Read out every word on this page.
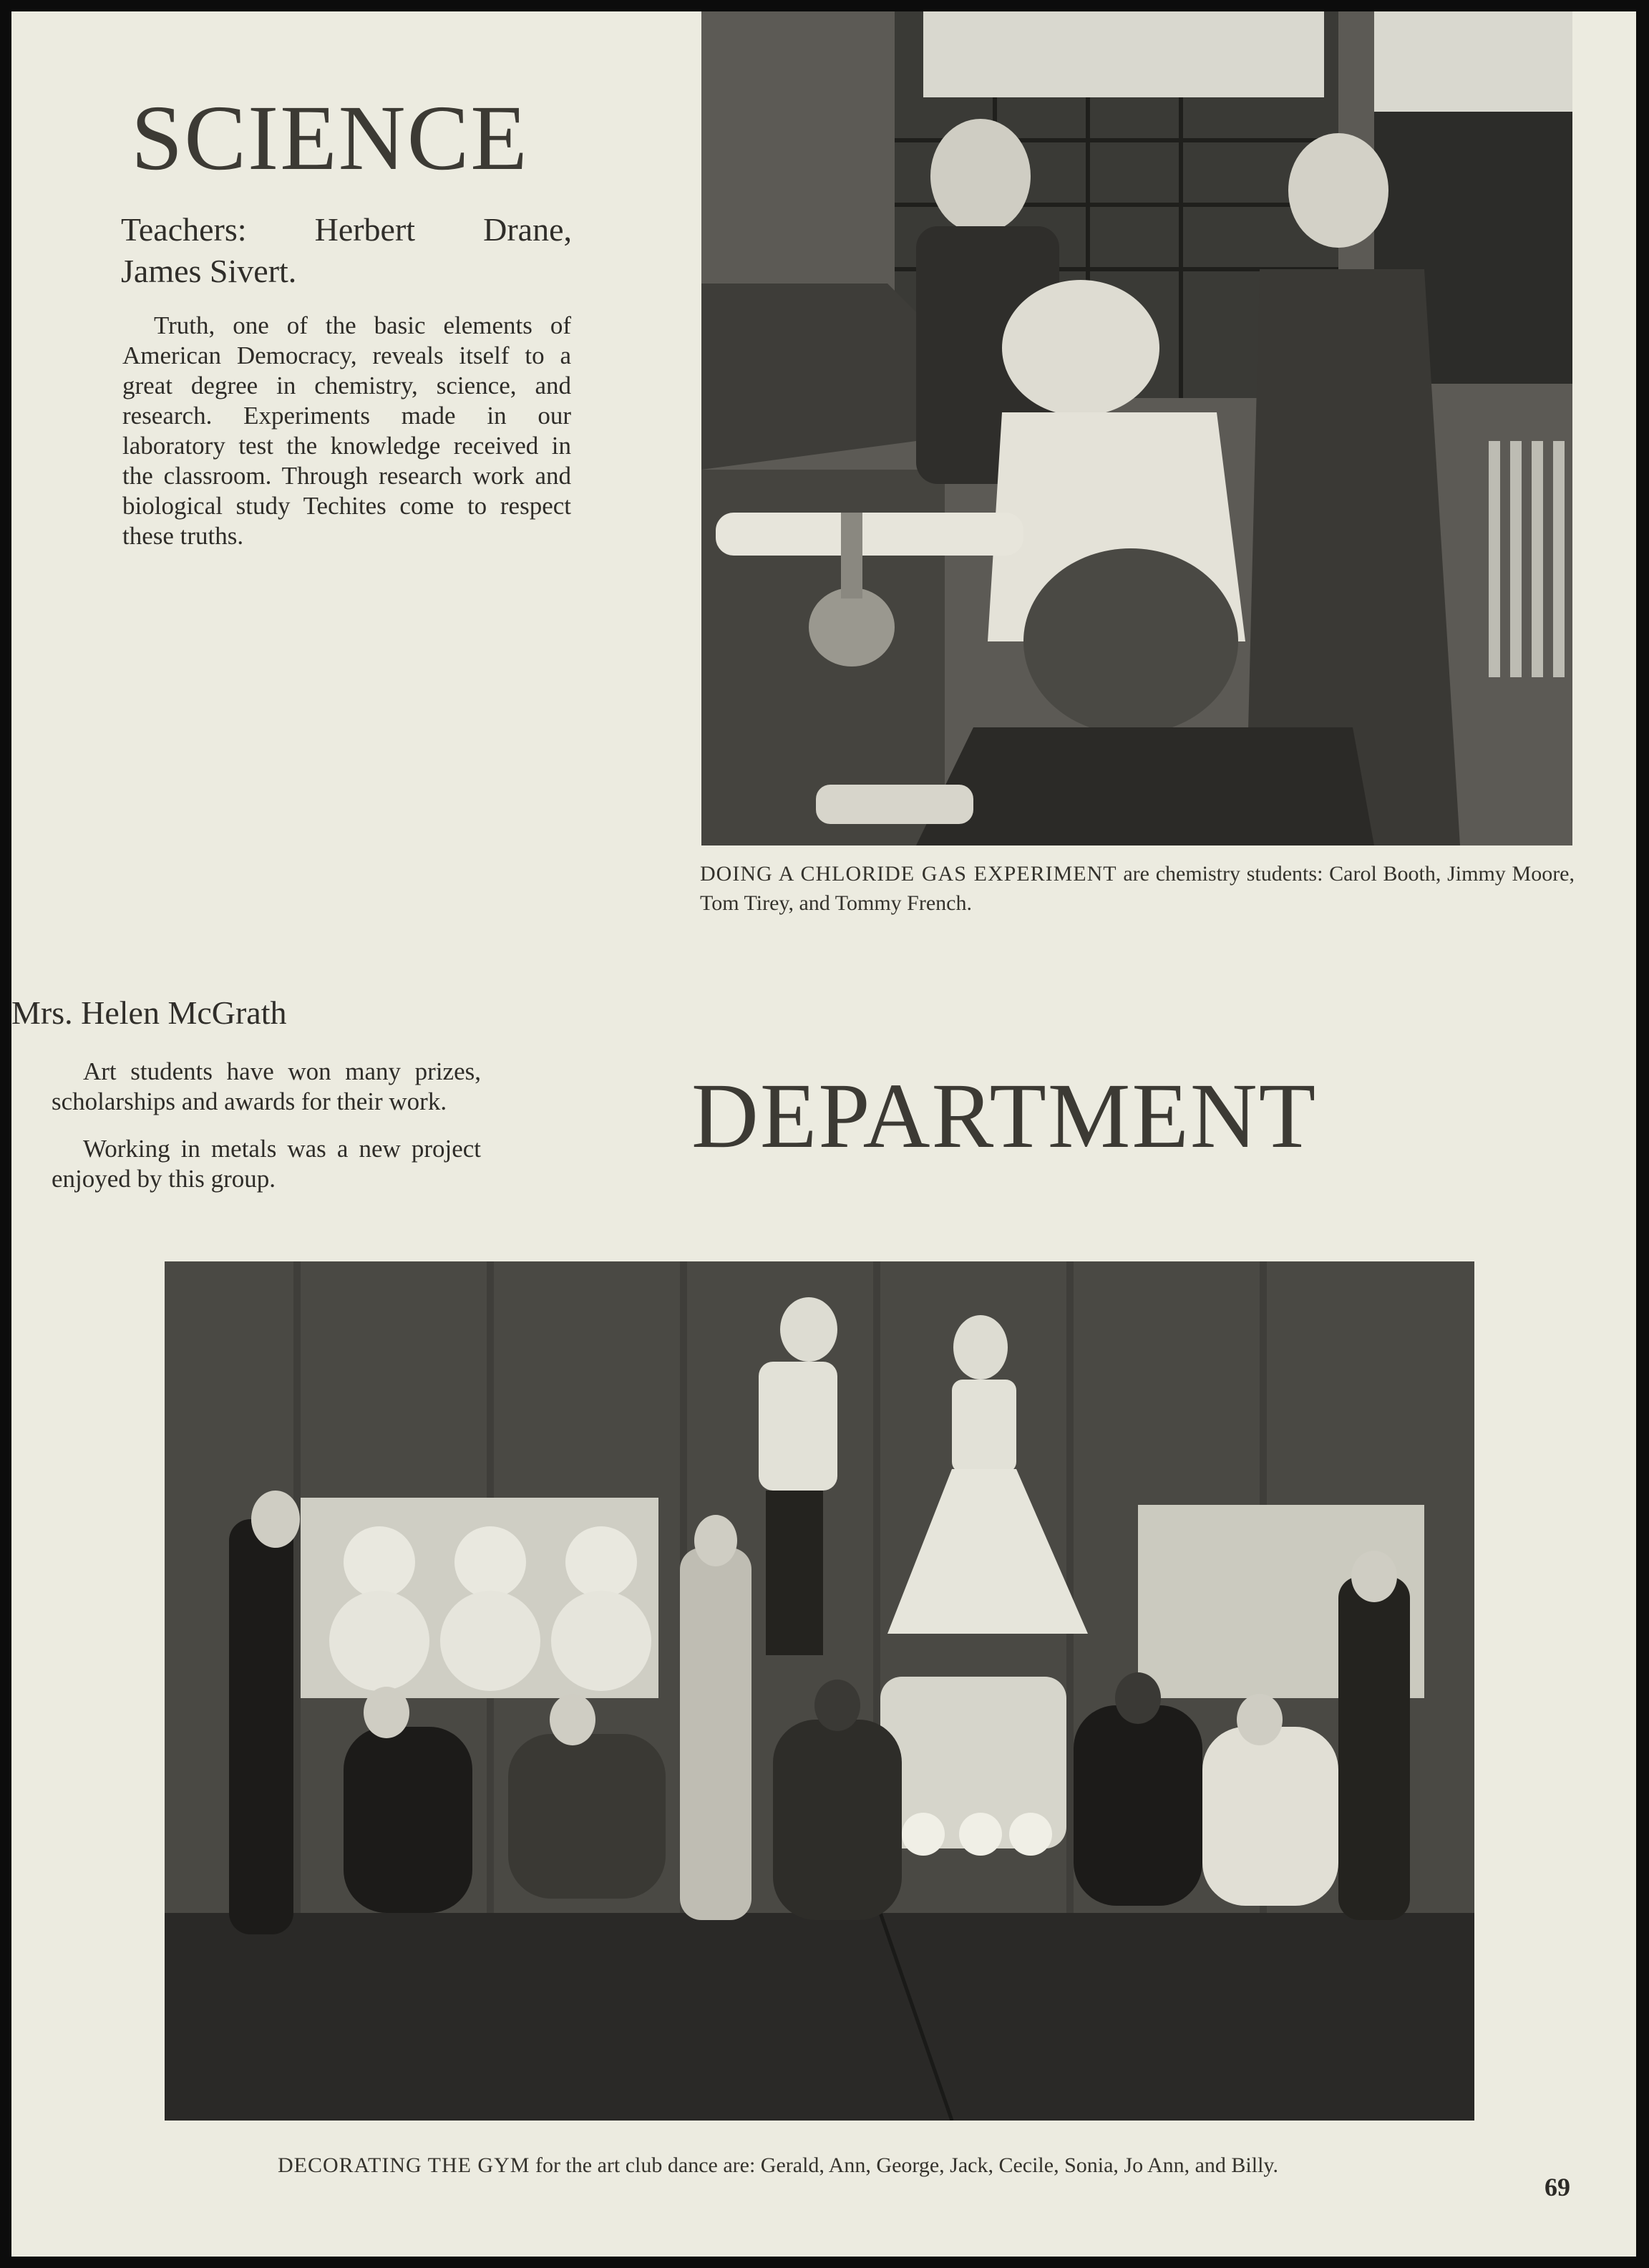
SCIENCE

Teachers: Herbert Drane,

James Sivert.

Truth, one of the basic elements of American Democracy, reveals itself to a great degree in chemistry, science, and research. Experiments made in our laboratory test the knowledge received in the classroom. Through research work and biological study Techites come to respect these truths.

DOING A CHLORIDE GAS EXPERIMENT are chemistry students: Carol Booth, Jimmy Moore, Tom Tirey, and Tommy French.

Mrs. Helen McGrath

Art students have won many prizes, scholarships and awards for their work.

Working in metals was a new project enjoyed by this group.

DEPARTMENT

DECORATING THE GYM for the art club dance are: Gerald, Ann, George, Jack, Cecile, Sonia, Jo Ann, and Billy.

69
